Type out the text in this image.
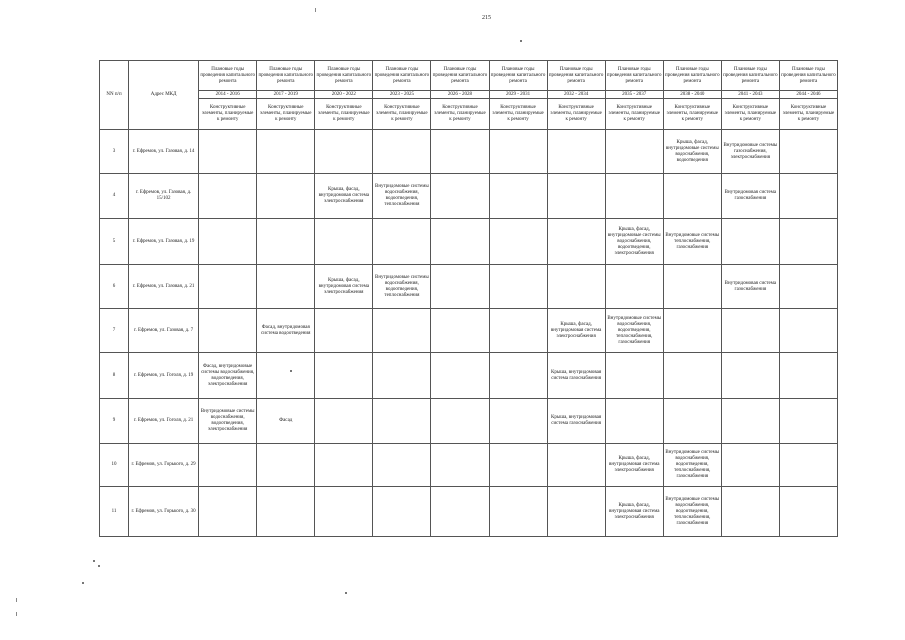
215
NN п/п	Адрес МКД	Плановые годы проведения капитального ремонта	Плановые годы проведения капитального ремонта	Плановые годы проведения капитального ремонта	Плановые годы проведения капитального ремонта	Плановые годы проведения капитального ремонта	Плановые годы проведения капитального ремонта	Плановые годы проведения капитального ремонта	Плановые годы проведения капитального ремонта	Плановые годы проведения капитального ремонта	Плановые годы проведения капитального ремонта	Плановые годы проведения капитального ремонта
		2014 - 2016	2017 - 2019	2020 - 2022	2023 - 2025	2026 - 2028	2029 - 2031	2032 - 2034	2035 - 2037	2038 - 2040	2041 - 2043	2044 - 2046
		Конструктивные элементы, планируемые к ремонту	Конструктивные элементы, планируемые к ремонту	Конструктивные элементы, планируемые к ремонту	Конструктивные элементы, планируемые к ремонту	Конструктивные элементы, планируемые к ремонту	Конструктивные элементы, планируемые к ремонту	Конструктивные элементы, планируемые к ремонту	Конструктивные элементы, планируемые к ремонту	Конструктивные элементы, планируемые к ремонту	Конструктивные элементы, планируемые к ремонту	Конструктивные элементы, планируемые к ремонту
3	г. Ефремов, ул. Газовая, д. 14									Крыша, фасад, внутридомовые системы водоснабжения, водоотведения	Внутридомовые системы газоснабжения, электроснабжения	
4	г. Ефремов, ул. Газовая, д. 15/102			Крыша, фасад, внутридомовая система электроснабжения	Внутридомовые системы водоснабжения, водоотведения, теплоснабжения						Внутридомовая система газоснабжения	
5	г. Ефремов, ул. Газовая, д. 19								Крыша, фасад, внутридомовые системы водоснабжения, водоотведения, электроснабжения	Внутридомовые системы теплоснабжения, газоснабжения		
6	г. Ефремов, ул. Газовая, д. 21			Крыша, фасад, внутридомовая система электроснабжения	Внутридомовые системы водоснабжения, водоотведения, теплоснабжения						Внутридомовая система газоснабжения	
7	г. Ефремов, ул. Газовая, д. 7		Фасад, внутридомовая система водоотведения					Крыша, фасад, внутридомовая система электроснабжения	Внутридомовые системы водоснабжения, водоотведения, теплоснабжения, газоснабжения			
8	г. Ефремов, ул. Гоголя, д. 19	Фасад, внутридомовые системы водоснабжения, водоотведения, электроснабжения						Крыша, внутридомовая система газоснабжения				
9	г. Ефремов, ул. Гоголя, д. 21	Внутридомовые системы водоснабжения, водоотведения, электроснабжения	Фасад					Крыша, внутридомовая система газоснабжения				
10	г. Ефремов, ул. Горького, д. 29								Крыша, фасад, внутридомовая система электроснабжения	Внутридомовые системы водоснабжения, водоотведения, теплоснабжения, газоснабжения		
11	г. Ефремов, ул. Горького, д. 30								Крыша, фасад, внутридомовая система электроснабжения	Внутридомовые системы водоснабжения, водоотведения, теплоснабжения, газоснабжения		
